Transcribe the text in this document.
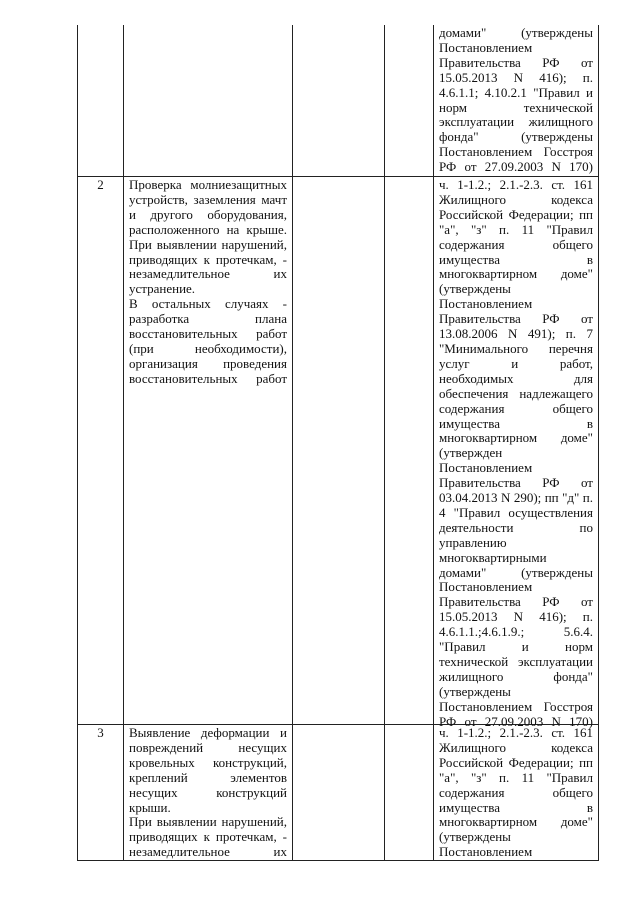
домами" (утверждены
Постановлением
Правительства РФ от
15.05.2013 N 416); п.
4.6.1.1; 4.10.2.1 "Правил и
норм технической
эксплуатации жилищного
фонда" (утверждены
Постановлением Госстроя
РФ от 27.09.2003 N 170)
2	Проверка молниезащитных
устройств, заземления мачт
и другого оборудования,
расположенного на крыше.
При выявлении нарушений,
приводящих к протечкам, -
незамедлительное их
устранение.
В остальных случаях -
разработка плана
восстановительных работ
(при необходимости),
организация проведения
восстановительных работ
ч. 1-1.2.; 2.1.-2.3. ст. 161
Жилищного кодекса
Российской Федерации; пп
"а", "з" п. 11 "Правил
содержания общего
имущества в
многоквартирном доме"
(утверждены
Постановлением
Правительства РФ от
13.08.2006 N 491); п. 7
"Минимального перечня
услуг и работ,
необходимых для
обеспечения надлежащего
содержания общего
имущества в
многоквартирном доме"
(утвержден
Постановлением
Правительства РФ от
03.04.2013 N 290); пп "д" п.
4 "Правил осуществления
деятельности по
управлению
многоквартирными
домами" (утверждены
Постановлением
Правительства РФ от
15.05.2013 N 416); п.
4.6.1.1.;4.6.1.9.; 5.6.4.
"Правил и норм
технической эксплуатации
жилищного фонда"
(утверждены
Постановлением Госстроя
РФ от 27.09.2003 N 170)
3	Выявление деформации и
повреждений несущих
кровельных конструкций,
креплений элементов
несущих конструкций
крыши.
При выявлении нарушений,
приводящих к протечкам, -
незамедлительное их
ч. 1-1.2.; 2.1.-2.3. ст. 161
Жилищного кодекса
Российской Федерации; пп
"а", "з" п. 11 "Правил
содержания общего
имущества в
многоквартирном доме"
(утверждены
Постановлением
